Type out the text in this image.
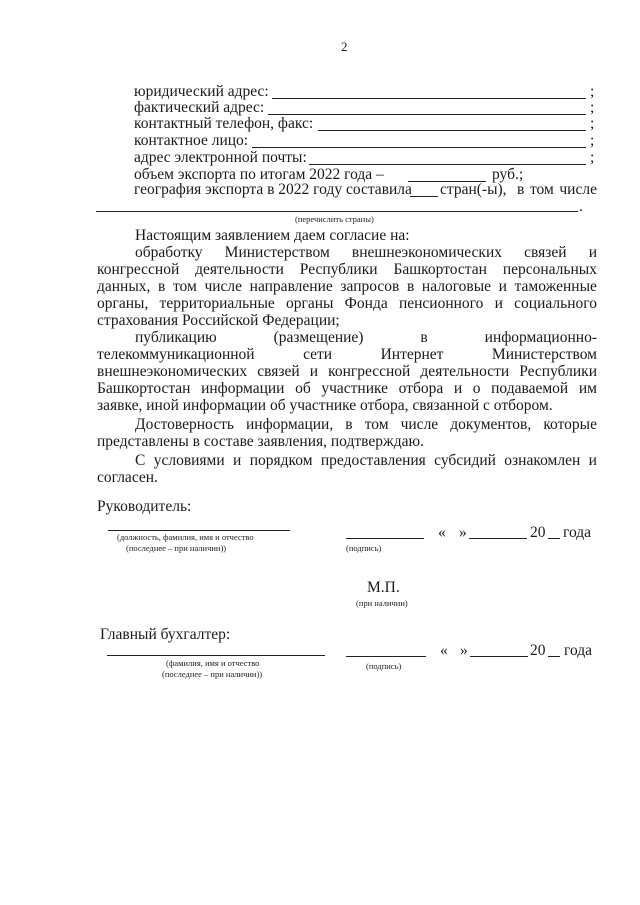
2
юридический адрес:	;
фактический адрес:	;
контактный телефон, факс:	;
контактное лицо:	;
адрес электронной почты:	;
объем экспорта по итогам 2022 года –	руб.;
география экспорта в 2022 году составила стран(-ы), в том числе
.
(перечислить страны)
Настоящим заявлением даем согласие на:
обработку Министерством внешнеэкономических связей и
конгрессной деятельности Республики Башкортостан персональных
данных, в том числе направление запросов в налоговые и таможенные
органы, территориальные органы Фонда пенсионного и социального
страхования Российской Федерации;
публикацию	(размещение)	в	информационно-
телекоммуникационной	сети	Интернет	Министерством
внешнеэкономических связей и конгрессной деятельности Республики
Башкортостан информации об участнике отбора и о подаваемой им
заявке, иной информации об участнике отбора, связанной с отбором.
Достоверность информации, в том числе документов, которые
представлены в составе заявления, подтверждаю.
С условиями и порядком предоставления субсидий ознакомлен и
согласен.
Руководитель:
(должность, фамилия, имя и отчество
(последнее – при наличии))	(подпись)
« »	20 года
М.П.
(при наличии)
Главный бухгалтер:
(фамилия, имя и отчество
(последнее – при наличии))
(подпись)
« »	20 года
